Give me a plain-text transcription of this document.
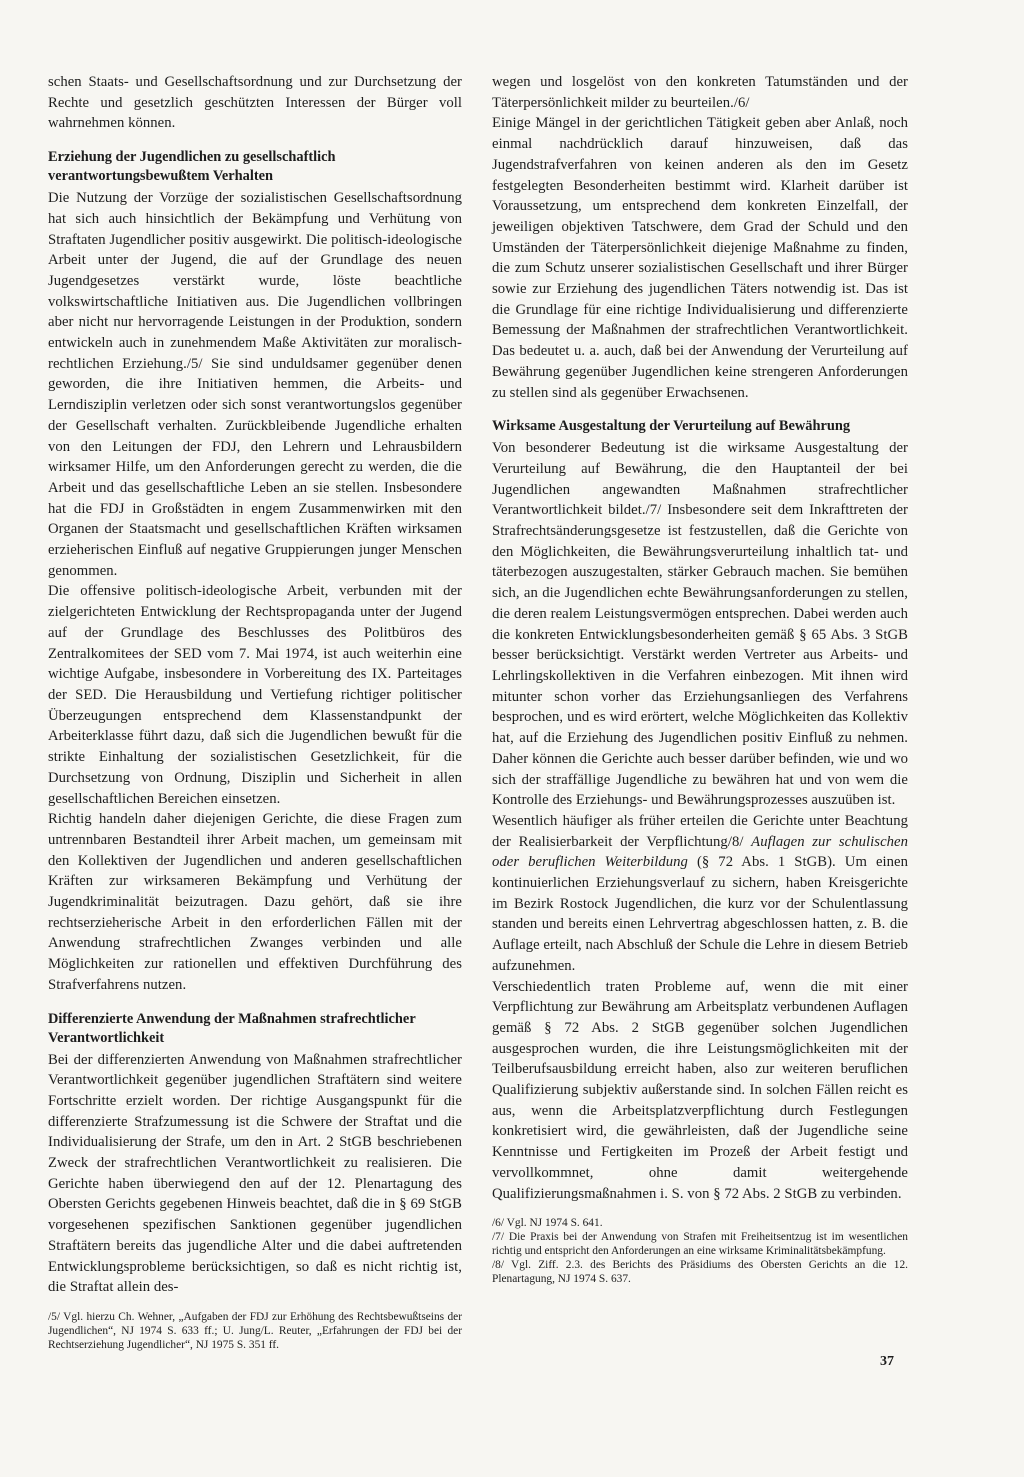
schen Staats- und Gesellschaftsordnung und zur Durchsetzung der Rechte und gesetzlich geschützten Interessen der Bürger voll wahrnehmen können.

Erziehung der Jugendlichen zu gesellschaftlich verantwortungsbewußtem Verhalten

Die Nutzung der Vorzüge der sozialistischen Gesellschaftsordnung hat sich auch hinsichtlich der Bekämpfung und Verhütung von Straftaten Jugendlicher positiv ausgewirkt. Die politisch-ideologische Arbeit unter der Jugend, die auf der Grundlage des neuen Jugendgesetzes verstärkt wurde, löste beachtliche volkswirtschaftliche Initiativen aus. Die Jugendlichen vollbringen aber nicht nur hervorragende Leistungen in der Produktion, sondern entwickeln auch in zunehmendem Maße Aktivitäten zur moralisch-rechtlichen Erziehung./5/ Sie sind unduldsamer gegenüber denen geworden, die ihre Initiativen hemmen, die Arbeits- und Lerndisziplin verletzen oder sich sonst verantwortungslos gegenüber der Gesellschaft verhalten. Zurückbleibende Jugendliche erhalten von den Leitungen der FDJ, den Lehrern und Lehrausbildern wirksamer Hilfe, um den Anforderungen gerecht zu werden, die die Arbeit und das gesellschaftliche Leben an sie stellen. Insbesondere hat die FDJ in Großstädten in engem Zusammenwirken mit den Organen der Staatsmacht und gesellschaftlichen Kräften wirksamen erzieherischen Einfluß auf negative Gruppierungen junger Menschen genommen.

Die offensive politisch-ideologische Arbeit, verbunden mit der zielgerichteten Entwicklung der Rechtspropaganda unter der Jugend auf der Grundlage des Beschlusses des Politbüros des Zentralkomitees der SED vom 7. Mai 1974, ist auch weiterhin eine wichtige Aufgabe, insbesondere in Vorbereitung des IX. Parteitages der SED. Die Herausbildung und Vertiefung richtiger politischer Überzeugungen entsprechend dem Klassenstandpunkt der Arbeiterklasse führt dazu, daß sich die Jugendlichen bewußt für die strikte Einhaltung der sozialistischen Gesetzlichkeit, für die Durchsetzung von Ordnung, Disziplin und Sicherheit in allen gesellschaftlichen Bereichen einsetzen.

Richtig handeln daher diejenigen Gerichte, die diese Fragen zum untrennbaren Bestandteil ihrer Arbeit machen, um gemeinsam mit den Kollektiven der Jugendlichen und anderen gesellschaftlichen Kräften zur wirksameren Bekämpfung und Verhütung der Jugendkriminalität beizutragen. Dazu gehört, daß sie ihre rechtserzieherische Arbeit in den erforderlichen Fällen mit der Anwendung strafrechtlichen Zwanges verbinden und alle Möglichkeiten zur rationellen und effektiven Durchführung des Strafverfahrens nutzen.

Differenzierte Anwendung der Maßnahmen strafrechtlicher Verantwortlichkeit

Bei der differenzierten Anwendung von Maßnahmen strafrechtlicher Verantwortlichkeit gegenüber jugendlichen Straftätern sind weitere Fortschritte erzielt worden. Der richtige Ausgangspunkt für die differenzierte Strafzumessung ist die Schwere der Straftat und die Individualisierung der Strafe, um den in Art. 2 StGB beschriebenen Zweck der strafrechtlichen Verantwortlichkeit zu realisieren. Die Gerichte haben überwiegend den auf der 12. Plenartagung des Obersten Gerichts gegebenen Hinweis beachtet, daß die in § 69 StGB vorgesehenen spezifischen Sanktionen gegenüber jugendlichen Straftätern bereits das jugendliche Alter und die dabei auftretenden Entwicklungsprobleme berücksichtigen, so daß es nicht richtig ist, die Straftat allein des-

/5/ Vgl. hierzu Ch. Wehner, „Aufgaben der FDJ zur Erhöhung des Rechtsbewußtseins der Jugendlichen“, NJ 1974 S. 633 ff.; U. Jung/L. Reuter, „Erfahrungen der FDJ bei der Rechtserziehung Jugendlicher“, NJ 1975 S. 351 ff.

wegen und losgelöst von den konkreten Tatumständen und der Täterpersönlichkeit milder zu beurteilen./6/

Einige Mängel in der gerichtlichen Tätigkeit geben aber Anlaß, noch einmal nachdrücklich darauf hinzuweisen, daß das Jugendstrafverfahren von keinen anderen als den im Gesetz festgelegten Besonderheiten bestimmt wird. Klarheit darüber ist Voraussetzung, um entsprechend dem konkreten Einzelfall, der jeweiligen objektiven Tatschwere, dem Grad der Schuld und den Umständen der Täterpersönlichkeit diejenige Maßnahme zu finden, die zum Schutz unserer sozialistischen Gesellschaft und ihrer Bürger sowie zur Erziehung des jugendlichen Täters notwendig ist. Das ist die Grundlage für eine richtige Individualisierung und differenzierte Bemessung der Maßnahmen der strafrechtlichen Verantwortlichkeit. Das bedeutet u. a. auch, daß bei der Anwendung der Verurteilung auf Bewährung gegenüber Jugendlichen keine strengeren Anforderungen zu stellen sind als gegenüber Erwachsenen.

Wirksame Ausgestaltung der Verurteilung auf Bewährung

Von besonderer Bedeutung ist die wirksame Ausgestaltung der Verurteilung auf Bewährung, die den Hauptanteil der bei Jugendlichen angewandten Maßnahmen strafrechtlicher Verantwortlichkeit bildet./7/ Insbesondere seit dem Inkrafttreten der Strafrechtsänderungsgesetze ist festzustellen, daß die Gerichte von den Möglichkeiten, die Bewährungsverurteilung inhaltlich tat- und täterbezogen auszugestalten, stärker Gebrauch machen. Sie bemühen sich, an die Jugendlichen echte Bewährungsanforderungen zu stellen, die deren realem Leistungsvermögen entsprechen. Dabei werden auch die konkreten Entwicklungsbesonderheiten gemäß § 65 Abs. 3 StGB besser berücksichtigt. Verstärkt werden Vertreter aus Arbeits- und Lehrlingskollektiven in die Verfahren einbezogen. Mit ihnen wird mitunter schon vorher das Erziehungsanliegen des Verfahrens besprochen, und es wird erörtert, welche Möglichkeiten das Kollektiv hat, auf die Erziehung des Jugendlichen positiv Einfluß zu nehmen. Daher können die Gerichte auch besser darüber befinden, wie und wo sich der straffällige Jugendliche zu bewähren hat und von wem die Kontrolle des Erziehungs- und Bewährungsprozesses auszuüben ist.

Wesentlich häufiger als früher erteilen die Gerichte unter Beachtung der Realisierbarkeit der Verpflichtung/8/ Auflagen zur schulischen oder beruflichen Weiterbildung (§ 72 Abs. 1 StGB). Um einen kontinuierlichen Erziehungsverlauf zu sichern, haben Kreisgerichte im Bezirk Rostock Jugendlichen, die kurz vor der Schulentlassung standen und bereits einen Lehrvertrag abgeschlossen hatten, z. B. die Auflage erteilt, nach Abschluß der Schule die Lehre in diesem Betrieb aufzunehmen.

Verschiedentlich traten Probleme auf, wenn die mit einer Verpflichtung zur Bewährung am Arbeitsplatz verbundenen Auflagen gemäß § 72 Abs. 2 StGB gegenüber solchen Jugendlichen ausgesprochen wurden, die ihre Leistungsmöglichkeiten mit der Teilberufsausbildung erreicht haben, also zur weiteren beruflichen Qualifizierung subjektiv außerstande sind. In solchen Fällen reicht es aus, wenn die Arbeitsplatzverpflichtung durch Festlegungen konkretisiert wird, die gewährleisten, daß der Jugendliche seine Kenntnisse und Fertigkeiten im Prozeß der Arbeit festigt und vervollkommnet, ohne damit weitergehende Qualifizierungsmaßnahmen i. S. von § 72 Abs. 2 StGB zu verbinden.

/6/ Vgl. NJ 1974 S. 641.

/7/ Die Praxis bei der Anwendung von Strafen mit Freiheitsentzug ist im wesentlichen richtig und entspricht den Anforderungen an eine wirksame Kriminalitätsbekämpfung.

/8/ Vgl. Ziff. 2.3. des Berichts des Präsidiums des Obersten Gerichts an die 12. Plenartagung, NJ 1974 S. 637.

37
